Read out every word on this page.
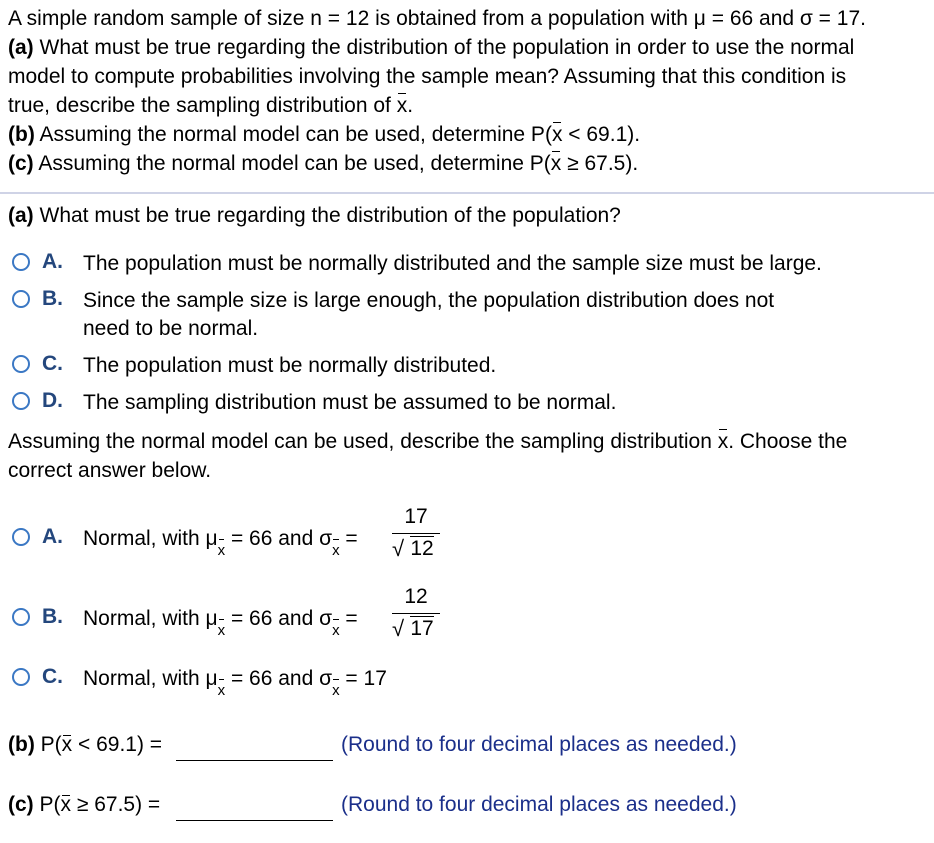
A simple random sample of size n = 12 is obtained from a population with μ = 66 and σ = 17.
(a) What must be true regarding the distribution of the population in order to use the normal
model to compute probabilities involving the sample mean? Assuming that this condition is
true, describe the sampling distribution of x.
(b) Assuming the normal model can be used, determine P(x < 69.1).
(c) Assuming the normal model can be used, determine P(x ≥ 67.5).
(a) What must be true regarding the distribution of the population?
A. The population must be normally distributed and the sample size must be large.
B. Since the sample size is large enough, the population distribution does not
need to be normal.
C. The population must be normally distributed.
D. The sampling distribution must be assumed to be normal.
Assuming the normal model can be used, describe the sampling distribution x. Choose the
correct answer below.
A. Normal, with μx = 66 and σx =
17
√ 12
B. Normal, with μx = 66 and σx =
12
√ 17
C. Normal, with μx = 66 and σx = 17
(b) P(x < 69.1) =	(Round to four decimal places as needed.)
(c) P(x ≥ 67.5) =	(Round to four decimal places as needed.)
